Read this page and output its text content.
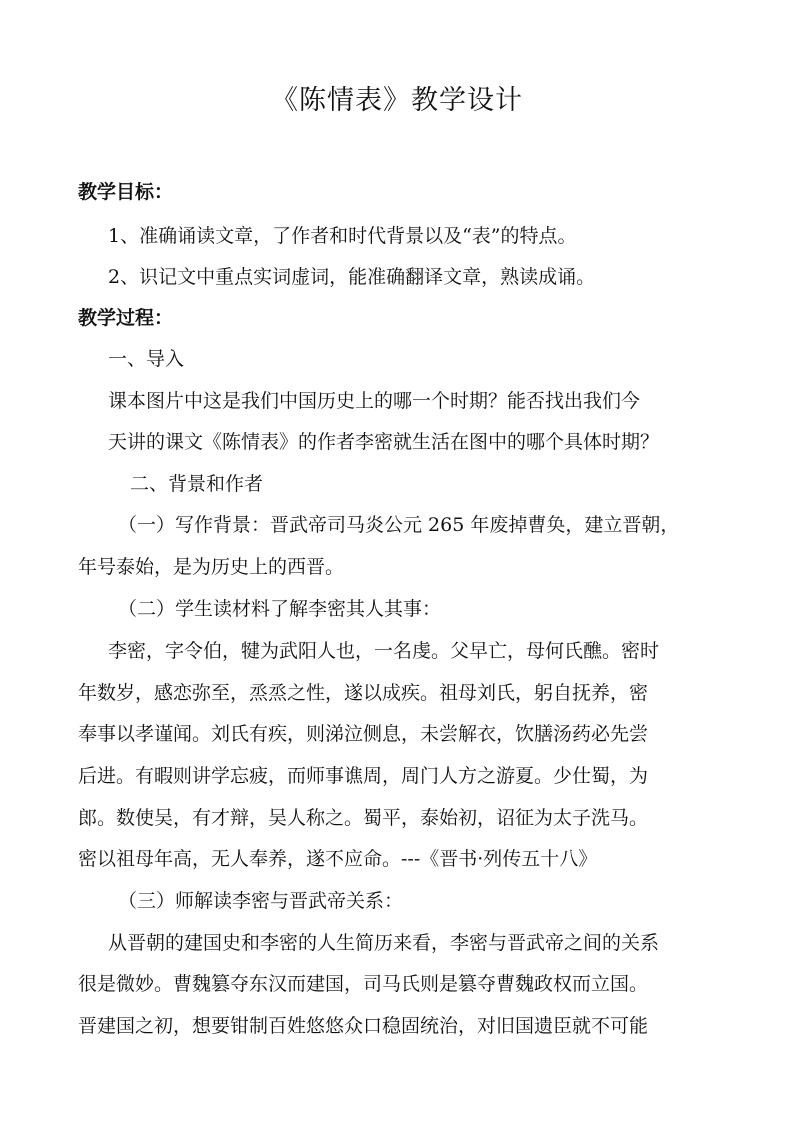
《陈情表》教学设计
教学目标：
1、准确诵读文章，了作者和时代背景以及“表”的特点。
2、识记文中重点实词虚词，能准确翻译文章，熟读成诵。
教学过程：
一、导入
课本图片中这是我们中国历史上的哪一个时期？能否找出我们今
天讲的课文《陈情表》的作者李密就生活在图中的哪个具体时期？
二、背景和作者
（一）写作背景：晋武帝司马炎公元 265 年废掉曹奂，建立晋朝，
年号泰始，是为历史上的西晋。
（二）学生读材料了解李密其人其事：
李密，字令伯，犍为武阳人也，一名虔。父早亡，母何氏醮。密时
年数岁，感恋弥至，烝烝之性，遂以成疾。祖母刘氏，躬自抚养，密
奉事以孝谨闻。刘氏有疾，则涕泣侧息，未尝解衣，饮膳汤药必先尝
后进。有暇则讲学忘疲，而师事谯周，周门人方之游夏。少仕蜀，为
郎。数使吴，有才辩，吴人称之。蜀平，泰始初，诏征为太子洗马。
密以祖母年高，无人奉养，遂不应命。---《晋书·列传五十八》
（三）师解读李密与晋武帝关系：
从晋朝的建国史和李密的人生简历来看，李密与晋武帝之间的关系
很是微妙。曹魏篡夺东汉而建国，司马氏则是篡夺曹魏政权而立国。
晋建国之初，想要钳制百姓悠悠众口稳固统治，对旧国遗臣就不可能
